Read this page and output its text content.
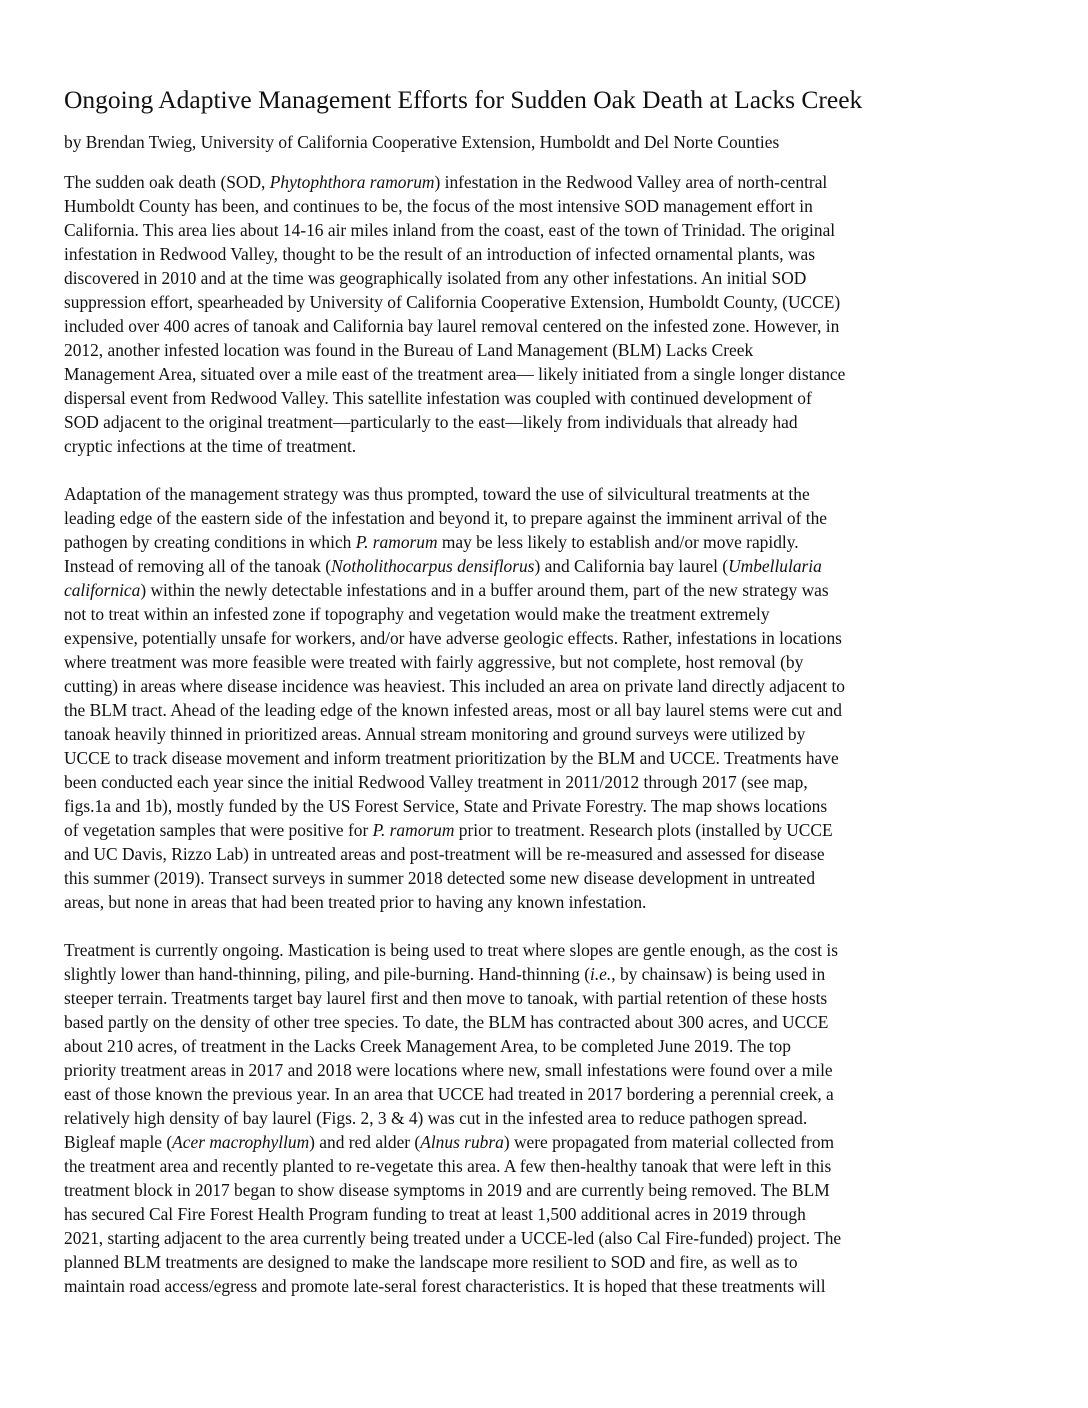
Ongoing Adaptive Management Efforts for Sudden Oak Death at Lacks Creek

by Brendan Twieg, University of California Cooperative Extension, Humboldt and Del Norte Counties

The sudden oak death (SOD, Phytophthora ramorum) infestation in the Redwood Valley area of north-central
Humboldt County has been, and continues to be, the focus of the most intensive SOD management effort in
California. This area lies about 14-16 air miles inland from the coast, east of the town of Trinidad. The original
infestation in Redwood Valley, thought to be the result of an introduction of infected ornamental plants, was
discovered in 2010 and at the time was geographically isolated from any other infestations. An initial SOD
suppression effort, spearheaded by University of California Cooperative Extension, Humboldt County, (UCCE)
included over 400 acres of tanoak and California bay laurel removal centered on the infested zone. However, in
2012, another infested location was found in the Bureau of Land Management (BLM) Lacks Creek
Management Area, situated over a mile east of the treatment area— likely initiated from a single longer distance
dispersal event from Redwood Valley. This satellite infestation was coupled with continued development of
SOD adjacent to the original treatment—particularly to the east—likely from individuals that already had
cryptic infections at the time of treatment.

Adaptation of the management strategy was thus prompted, toward the use of silvicultural treatments at the
leading edge of the eastern side of the infestation and beyond it, to prepare against the imminent arrival of the
pathogen by creating conditions in which P. ramorum may be less likely to establish and/or move rapidly.
Instead of removing all of the tanoak (Notholithocarpus densiflorus) and California bay laurel (Umbellularia
californica) within the newly detectable infestations and in a buffer around them, part of the new strategy was
not to treat within an infested zone if topography and vegetation would make the treatment extremely
expensive, potentially unsafe for workers, and/or have adverse geologic effects. Rather, infestations in locations
where treatment was more feasible were treated with fairly aggressive, but not complete, host removal (by
cutting) in areas where disease incidence was heaviest. This included an area on private land directly adjacent to
the BLM tract. Ahead of the leading edge of the known infested areas, most or all bay laurel stems were cut and
tanoak heavily thinned in prioritized areas. Annual stream monitoring and ground surveys were utilized by
UCCE to track disease movement and inform treatment prioritization by the BLM and UCCE. Treatments have
been conducted each year since the initial Redwood Valley treatment in 2011/2012 through 2017 (see map,
figs.1a and 1b), mostly funded by the US Forest Service, State and Private Forestry. The map shows locations
of vegetation samples that were positive for P. ramorum prior to treatment. Research plots (installed by UCCE
and UC Davis, Rizzo Lab) in untreated areas and post-treatment will be re-measured and assessed for disease
this summer (2019). Transect surveys in summer 2018 detected some new disease development in untreated
areas, but none in areas that had been treated prior to having any known infestation.

Treatment is currently ongoing. Mastication is being used to treat where slopes are gentle enough, as the cost is
slightly lower than hand-thinning, piling, and pile-burning. Hand-thinning (i.e., by chainsaw) is being used in
steeper terrain. Treatments target bay laurel first and then move to tanoak, with partial retention of these hosts
based partly on the density of other tree species. To date, the BLM has contracted about 300 acres, and UCCE
about 210 acres, of treatment in the Lacks Creek Management Area, to be completed June 2019. The top
priority treatment areas in 2017 and 2018 were locations where new, small infestations were found over a mile
east of those known the previous year. In an area that UCCE had treated in 2017 bordering a perennial creek, a
relatively high density of bay laurel (Figs. 2, 3 & 4) was cut in the infested area to reduce pathogen spread.
Bigleaf maple (Acer macrophyllum) and red alder (Alnus rubra) were propagated from material collected from
the treatment area and recently planted to re-vegetate this area. A few then-healthy tanoak that were left in this
treatment block in 2017 began to show disease symptoms in 2019 and are currently being removed. The BLM
has secured Cal Fire Forest Health Program funding to treat at least 1,500 additional acres in 2019 through
2021, starting adjacent to the area currently being treated under a UCCE-led (also Cal Fire-funded) project. The
planned BLM treatments are designed to make the landscape more resilient to SOD and fire, as well as to
maintain road access/egress and promote late-seral forest characteristics. It is hoped that these treatments will
